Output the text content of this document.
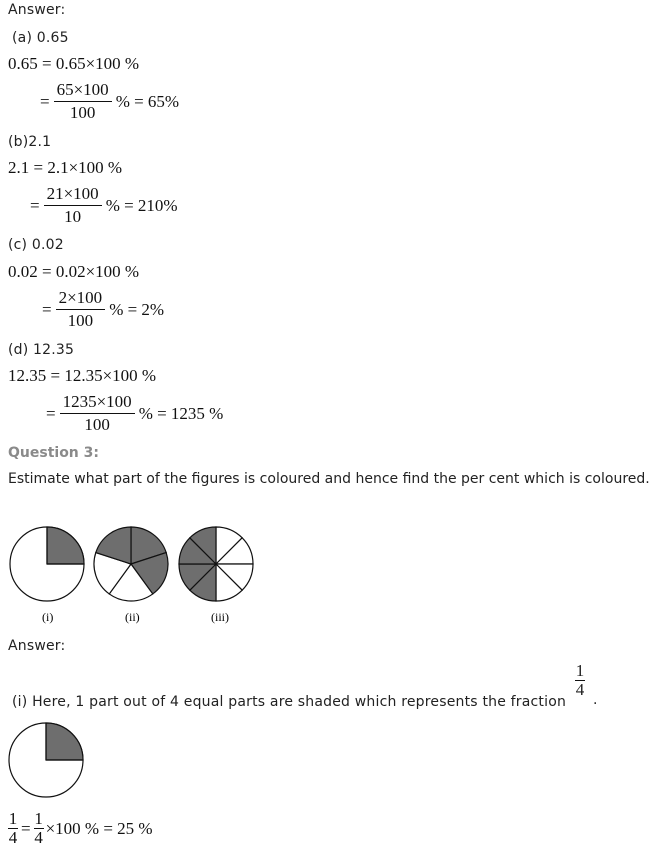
Answer:
(a) 0.65
0.65 = 0.65×100 %
= $\frac{65\times 100}{100}$ % = 65%
(b)2.1
2.1 = 2.1×100 %
= $\frac{21\times 100}{10}$ % = 210%
(c) 0.02
0.02 = 0.02×100 %
= $\frac{2\times 100}{100}$ % = 2%
(d) 12.35
12.35 = 12.35×100 %
= $\frac{1235\times 100}{100}$ % = 1235 %
Question 3:
Estimate what part of the figures is coloured and hence find the per cent which is coloured.
(i)	(ii)	(iii)
Answer:
(i) Here, 1 part out of 4 equal parts are shaded which represents the fraction
$\frac{1}{4}$
.
$\frac{1}{4} = \frac{1}{4} \times 100$ % = 25 %
